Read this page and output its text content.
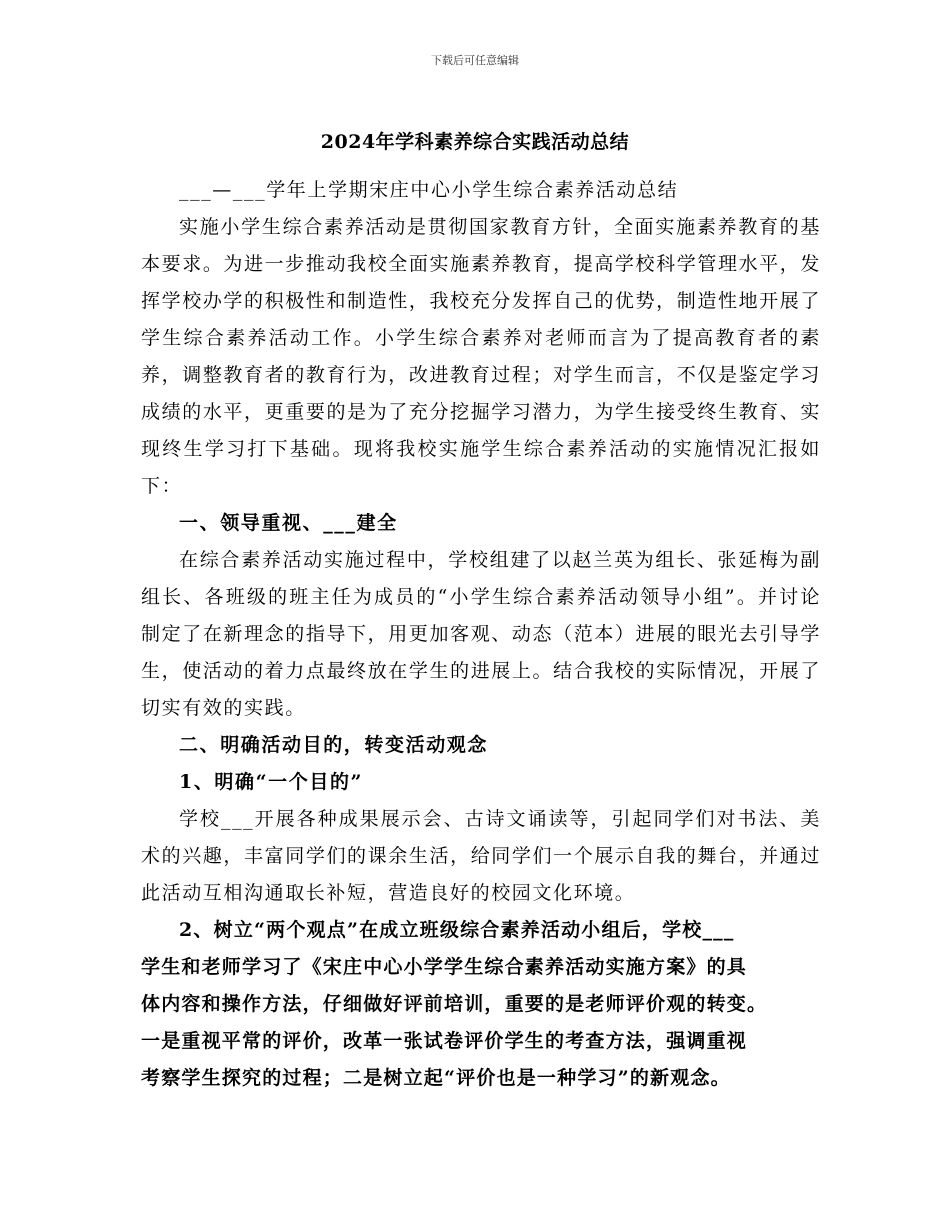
下载后可任意编辑
2024年学科素养综合实践活动总结

___—___学年上学期宋庄中心小学生综合素养活动总结

实施小学生综合素养活动是贯彻国家教育方针，全面实施素养教育的基本要求。为进一步推动我校全面实施素养教育，提高学校科学管理水平，发挥学校办学的积极性和制造性，我校充分发挥自己的优势，制造性地开展了学生综合素养活动工作。小学生综合素养对老师而言为了提高教育者的素养，调整教育者的教育行为，改进教育过程；对学生而言，不仅是鉴定学习成绩的水平，更重要的是为了充分挖掘学习潜力，为学生接受终生教育、实现终生学习打下基础。现将我校实施学生综合素养活动的实施情况汇报如下：

一、领导重视、___建全

在综合素养活动实施过程中，学校组建了以赵兰英为组长、张延梅为副组长、各班级的班主任为成员的“小学生综合素养活动领导小组”。并讨论制定了在新理念的指导下，用更加客观、动态（范本）进展的眼光去引导学生，使活动的着力点最终放在学生的进展上。结合我校的实际情况，开展了切实有效的实践。

二、明确活动目的，转变活动观念

1、明确“一个目的”

学校___开展各种成果展示会、古诗文诵读等，引起同学们对书法、美术的兴趣，丰富同学们的课余生活，给同学们一个展示自我的舞台，并通过此活动互相沟通取长补短，营造良好的校园文化环境。

2、树立“两个观点”在成立班级综合素养活动小组后，学校___
学生和老师学习了《宋庄中心小学学生综合素养活动实施方案》的具
体内容和操作方法，仔细做好评前培训，重要的是老师评价观的转变。
一是重视平常的评价，改革一张试卷评价学生的考查方法，强调重视
考察学生探究的过程；二是树立起“评价也是一种学习”的新观念。
